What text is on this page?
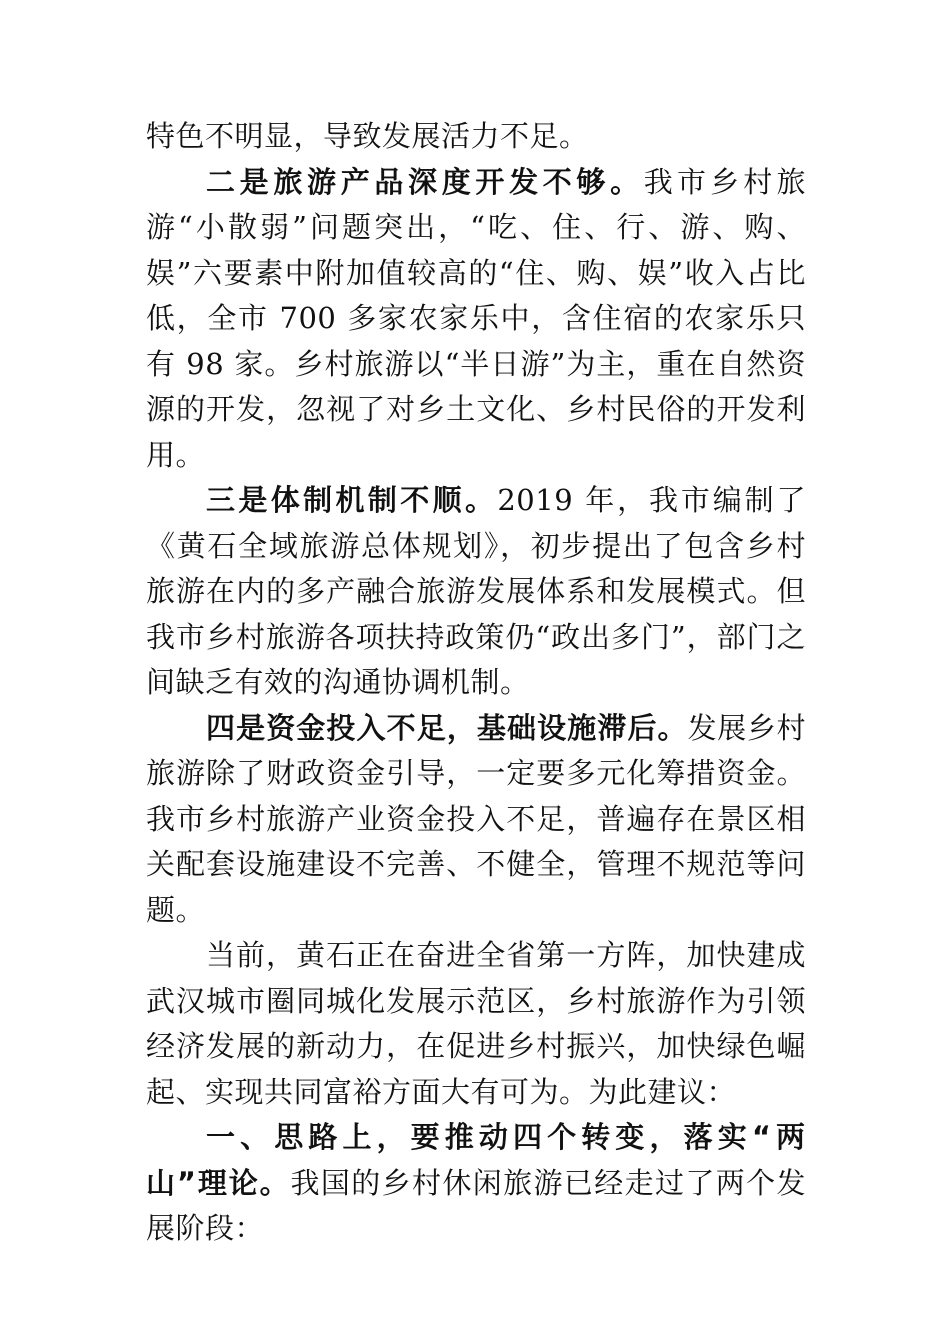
特色不明显，导致发展活力不足。

二是旅游产品深度开发不够。我市乡村旅游“小散弱”问题突出，“吃、住、行、游、购、娱”六要素中附加值较高的“住、购、娱”收入占比低，全市 700 多家农家乐中，含住宿的农家乐只有 98 家。乡村旅游以“半日游”为主，重在自然资源的开发，忽视了对乡土文化、乡村民俗的开发利用。

三是体制机制不顺。2019 年，我市编制了《黄石全域旅游总体规划》，初步提出了包含乡村旅游在内的多产融合旅游发展体系和发展模式。但我市乡村旅游各项扶持政策仍“政出多门”，部门之间缺乏有效的沟通协调机制。

四是资金投入不足，基础设施滞后。发展乡村旅游除了财政资金引导，一定要多元化筹措资金。我市乡村旅游产业资金投入不足，普遍存在景区相关配套设施建设不完善、不健全，管理不规范等问题。

当前，黄石正在奋进全省第一方阵，加快建成武汉城市圈同城化发展示范区，乡村旅游作为引领经济发展的新动力，在促进乡村振兴，加快绿色崛起、实现共同富裕方面大有可为。为此建议：

一、思路上，要推动四个转变，落实“两山”理论。我国的乡村休闲旅游已经走过了两个发展阶段：
